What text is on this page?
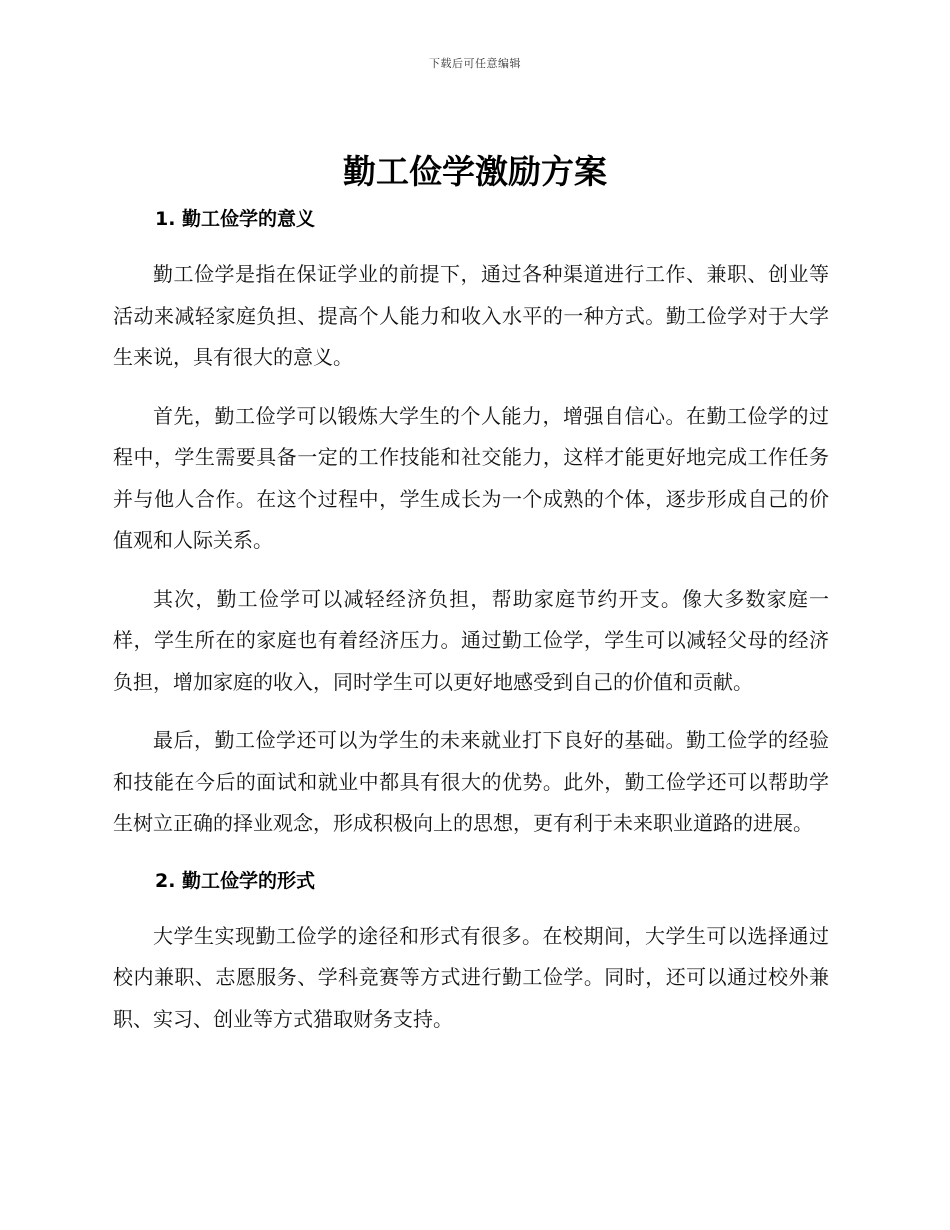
下载后可任意编辑
勤工俭学激励方案
1. 勤工俭学的意义

勤工俭学是指在保证学业的前提下，通过各种渠道进行工作、兼职、创业等活动来减轻家庭负担、提高个人能力和收入水平的一种方式。勤工俭学对于大学生来说，具有很大的意义。

首先，勤工俭学可以锻炼大学生的个人能力，增强自信心。在勤工俭学的过程中，学生需要具备一定的工作技能和社交能力，这样才能更好地完成工作任务并与他人合作。在这个过程中，学生成长为一个成熟的个体，逐步形成自己的价值观和人际关系。

其次，勤工俭学可以减轻经济负担，帮助家庭节约开支。像大多数家庭一样，学生所在的家庭也有着经济压力。通过勤工俭学，学生可以减轻父母的经济负担，增加家庭的收入，同时学生可以更好地感受到自己的价值和贡献。

最后，勤工俭学还可以为学生的未来就业打下良好的基础。勤工俭学的经验和技能在今后的面试和就业中都具有很大的优势。此外，勤工俭学还可以帮助学生树立正确的择业观念，形成积极向上的思想，更有利于未来职业道路的进展。

2. 勤工俭学的形式

大学生实现勤工俭学的途径和形式有很多。在校期间，大学生可以选择通过校内兼职、志愿服务、学科竞赛等方式进行勤工俭学。同时，还可以通过校外兼职、实习、创业等方式猎取财务支持。
